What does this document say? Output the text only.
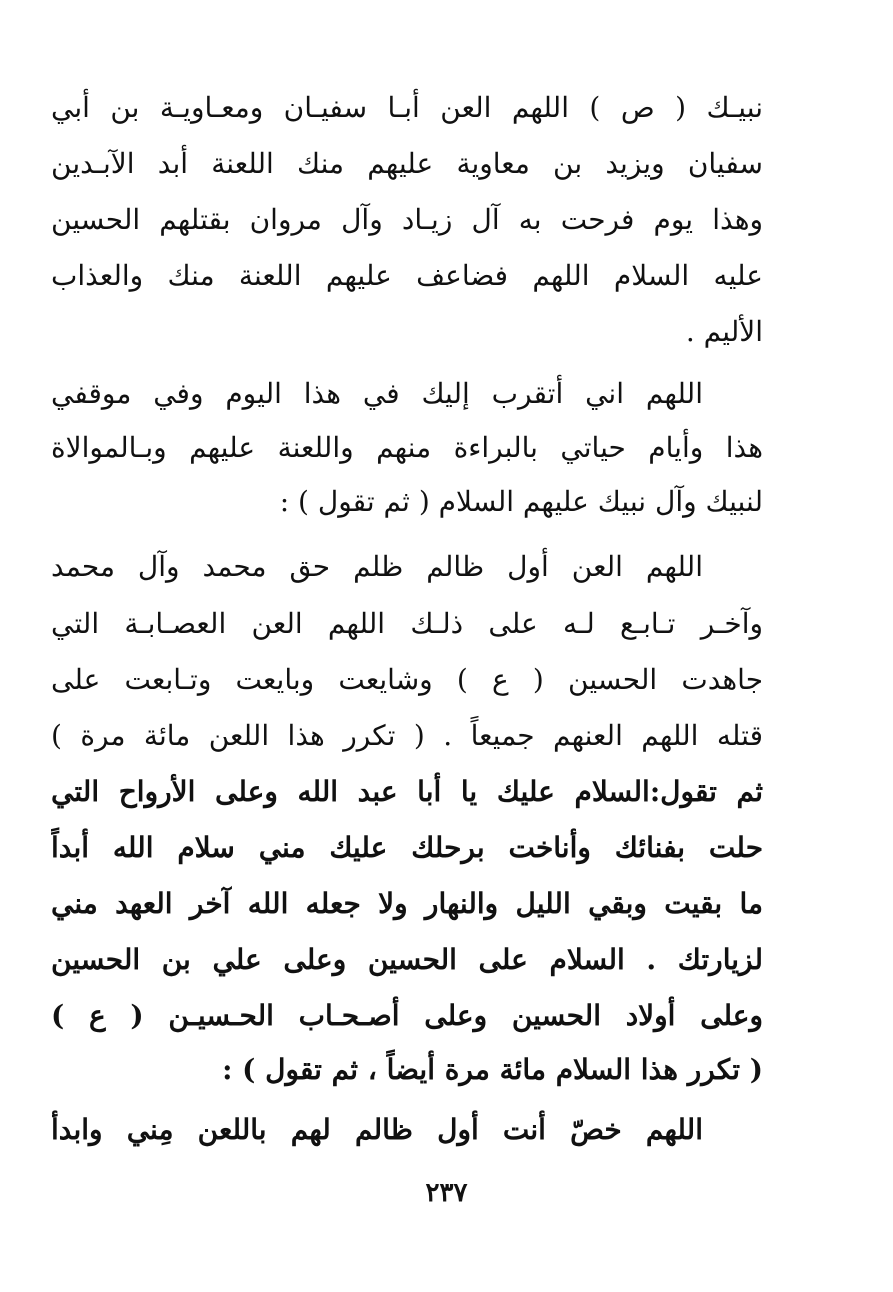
نبيـك ( ص ) اللهم العن أبـا سفيـان ومعـاويـة بن أبي
سفيان ويزيد بن معاوية عليهم منك اللعنة أبد الآبـدين
وهذا يوم فرحت به آل زيـاد وآل مروان بقتلهم الحسين
عليه السلام اللهم فضاعف عليهم اللعنة منك والعذاب
الأليم .
اللهم اني أتقرب إليك في هذا اليوم وفي موقفي
هذا وأيام حياتي بالبراءة منهم واللعنة عليهم وبـالموالاة
لنبيك وآل نبيك عليهم السلام ( ثم تقول ) :
اللهم العن أول ظالم ظلم حق محمد وآل محمد
وآخـر تـابـع لـه على ذلـك اللهم العن العصـابـة التي
جاهدت الحسين ( ع ) وشايعت وبايعت وتـابعت على
قتله اللهم العنهم جميعاً . ( تكرر هذا اللعن مائة مرة )
ثم تقول:السلام عليك يا أبا عبد الله وعلى الأرواح التي
حلت بفنائك وأناخت برحلك عليك مني سلام الله أبداً
ما بقيت وبقي الليل والنهار ولا جعله الله آخر العهد مني
لزيارتك . السلام على الحسين وعلى علي بن الحسين
وعلى أولاد الحسين وعلى أصـحـاب الحـسيـن ( ع )
( تكرر هذا السلام مائة مرة أيضاً ، ثم تقول ) :
اللهم خصّ أنت أول ظالم لهم باللعن مِني وابدأ
٢٣٧
